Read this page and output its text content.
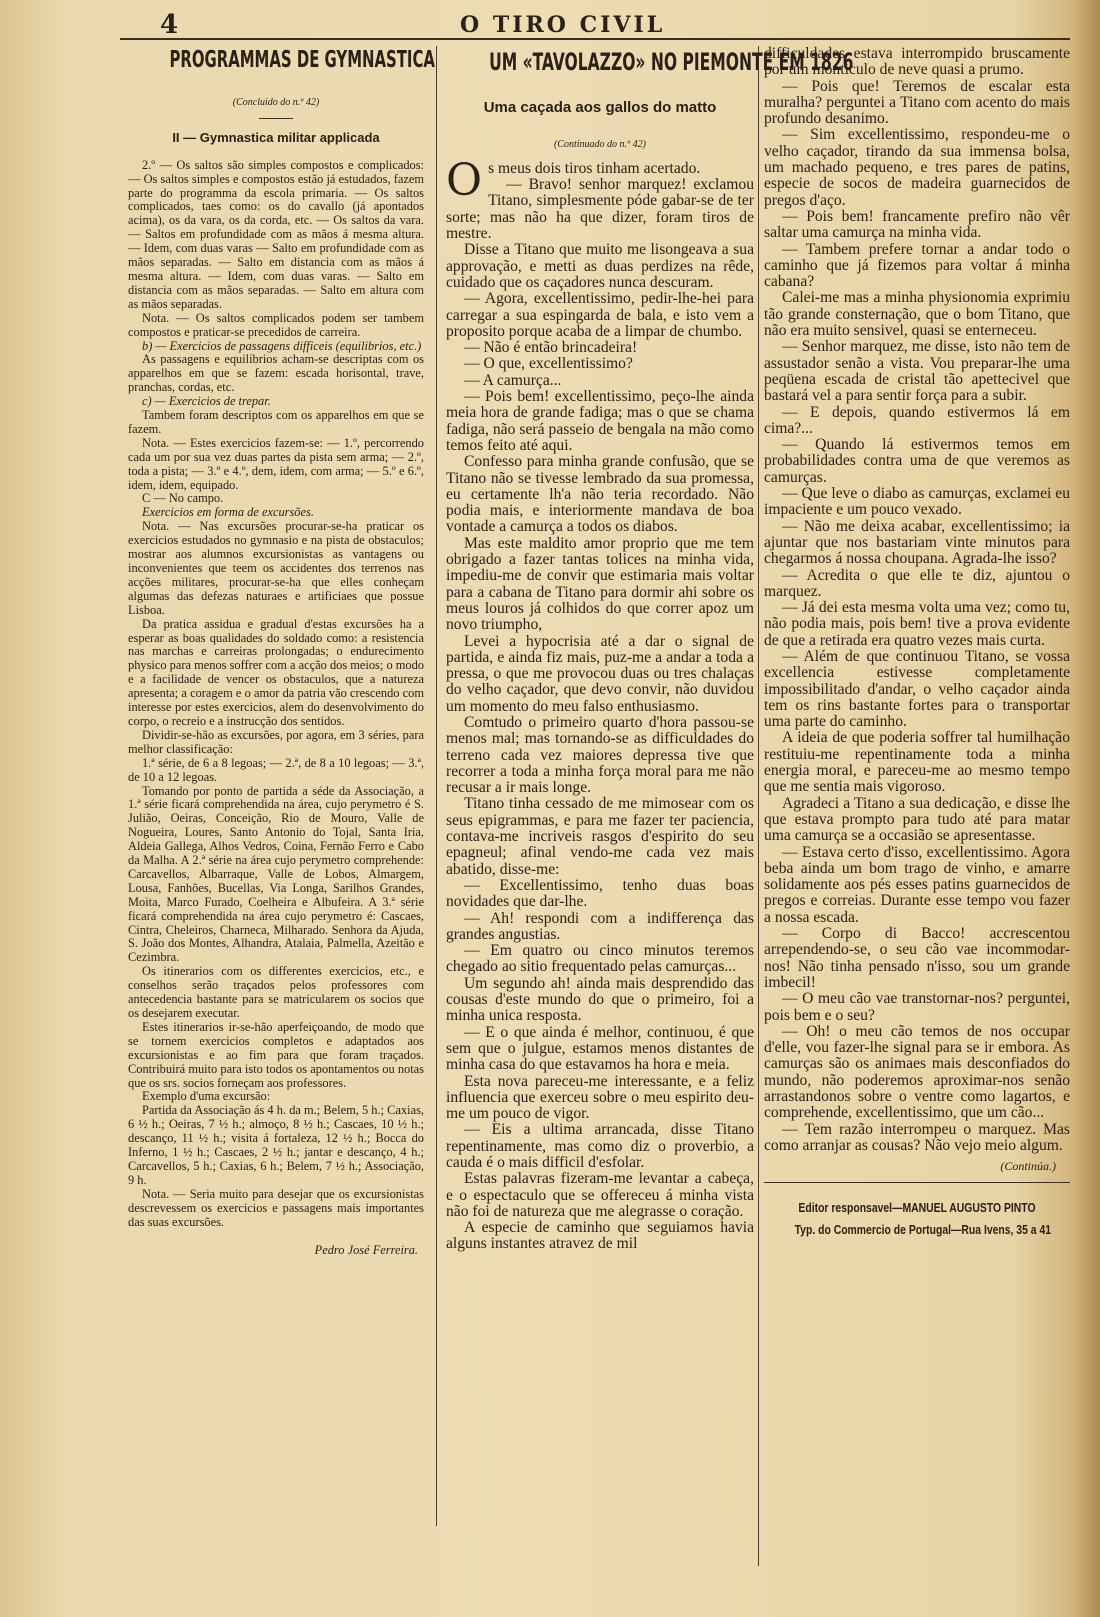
4	O TIRO CIVIL
PROGRAMMAS DE GYMNASTICA
(Concluido do n.º 42)
II — Gymnastica militar applicada

2.º — Os saltos são simples compostos e complicados: — Os saltos simples e compostos estão já estudados, fazem parte do programma da escola primaria. — Os saltos complicados, taes como: os do cavallo (já apontados acima), os da vara, os da corda, etc. — Os saltos da vara. — Saltos em profundidade com as mãos á mesma altura. — Idem, com duas varas — Salto em profundidade com as mãos separadas. — Salto em distancia com as mãos á mesma altura. — Idem, com duas varas. — Salto em distancia com as mãos separadas. — Salto em altura com as mãos separadas.

Nota. — Os saltos complicados podem ser tambem compostos e praticar-se precedidos de carreira.

b) — Exercicios de passagens difficeis (equilibrios, etc.)

As passagens e equilibrios acham-se descriptas com os apparelhos em que se fazem: escada horisontal, trave, pranchas, cordas, etc.

c) — Exercicios de trepar.

Tambem foram descriptos com os apparelhos em que se fazem.

Nota. — Estes exercicios fazem-se: — 1.º, percorrendo cada um por sua vez duas partes da pista sem arma; — 2.º, toda a pista; — 3.º e 4.º, dem, idem, com arma; — 5.º e 6.º, idem, idem, equipado.

C — No campo.

Exercicios em forma de excursões.

Nota. — Nas excursões procurar-se-ha praticar os exercicios estudados no gymnasio e na pista de obstaculos; mostrar aos alumnos excursionistas as vantagens ou inconvenientes que teem os accidentes dos terrenos nas acções militares, procurar-se-ha que elles conheçam algumas das defezas naturaes e artificiaes que possue Lisboa.

Da pratica assidua e gradual d'estas excursões ha a esperar as boas qualidades do soldado como: a resistencia nas marchas e carreiras prolongadas; o endurecimento physico para menos soffrer com a acção dos meios; o modo e a facilidade de vencer os obstaculos, que a natureza apresenta; a coragem e o amor da patria vão crescendo com interesse por estes exercicios, alem do desenvolvimento do corpo, o recreio e a instrucção dos sentidos.

Dividir-se-hão as excursões, por agora, em 3 séries, para melhor classificação:

1.ª série, de 6 a 8 legoas; — 2.ª, de 8 a 10 legoas; — 3.ª, de 10 a 12 legoas.

Tomando por ponto de partida a séde da Associação, a 1.ª série ficará comprehendida na área, cujo perymetro é S. Julião, Oeiras, Conceição, Rio de Mouro, Valle de Nogueira, Loures, Santo Antonio do Tojal, Santa Iria, Aldeia Gallega, Alhos Vedros, Coina, Fernão Ferro e Cabo da Malha. A 2.ª série na área cujo perymetro comprehende: Carcavellos, Albarraque, Valle de Lobos, Almargem, Lousa, Fanhões, Bucellas, Via Longa, Sarilhos Grandes, Moita, Marco Furado, Coelheira e Albufeira. A 3.ª série ficará comprehendida na área cujo perymetro é: Cascaes, Cintra, Cheleiros, Charneca, Milharado. Senhora da Ajuda, S. João dos Montes, Alhandra, Atalaia, Palmella, Azeitão e Cezimbra.

Os itinerarios com os differentes exercicios, etc., e conselhos serão traçados pelos professores com antecedencia bastante para se matricularem os socios que os desejarem executar.

Estes itinerarios ir-se-hão aperfeiçoando, de modo que se tornem exercicios completos e adaptados aos excursionistas e ao fim para que foram traçados. Contribuirá muito para isto todos os apontamentos ou notas que os srs. socios forneçam aos professores.

Exemplo d'uma excursão:

Partida da Associação ás 4 h. da m.; Belem, 5 h.; Caxias, 6 ½ h.; Oeiras, 7 ½ h.; almoço, 8 ½ h.; Cascaes, 10 ½ h.; descanço, 11 ½ h.; visita á fortaleza, 12 ½ h.; Bocca do Inferno, 1 ½ h.; Cascaes, 2 ½ h.; jantar e descanço, 4 h.; Carcavellos, 5 h.; Caxias, 6 h.; Belem, 7 ½ h.; Associação, 9 h.

Nota. — Seria muito para desejar que os excursionistas descrevessem os exercicios e passagens mais importantes das suas excursões.

Pedro José Ferreira.
UM «TAVOLAZZO» NO PIEMONTE EM 1826
Uma caçada aos gallos do matto
(Continuado do n.º 42)

Os meus dois tiros tinham acertado.

— Bravo! senhor marquez! exclamou Titano, simplesmente póde gabar-se de ter sorte; mas não ha que dizer, foram tiros de mestre.

Disse a Titano que muito me lisongeava a sua approvação, e metti as duas perdizes na rêde, cuidado que os caçadores nunca descuram.

— Agora, excellentissimo, pedir-lhe-hei para carregar a sua espingarda de bala, e isto vem a proposito porque acaba de a limpar de chumbo.

— Não é então brincadeira!

— O que, excellentissimo?

— A camurça...

— Pois bem! excellentissimo, peço-lhe ainda meia hora de grande fadiga; mas o que se chama fadiga, não será passeio de bengala na mão como temos feito até aqui.

Confesso para minha grande confusão, que se Titano não se tivesse lembrado da sua promessa, eu certamente lh'a não teria recordado. Não podia mais, e interiormente mandava de boa vontade a camurça a todos os diabos.

Mas este maldito amor proprio que me tem obrigado a fazer tantas tolices na minha vida, impediu-me de convir que estimaria mais voltar para a cabana de Titano para dormir ahi sobre os meus louros já colhidos do que correr apoz um novo triumpho,

Levei a hypocrisia até a dar o signal de partida, e ainda fiz mais, puz-me a andar a toda a pressa, o que me provocou duas ou tres chalaças do velho caçador, que devo convir, não duvidou um momento do meu falso enthusiasmo.

Comtudo o primeiro quarto d'hora passou-se menos mal; mas tornando-se as difficuldades do terreno cada vez maiores depressa tive que recorrer a toda a minha força moral para me não recusar a ir mais longe.

Titano tinha cessado de me mimosear com os seus epigrammas, e para me fazer ter paciencia, contava-me incriveis rasgos d'espirito do seu epagneul; afinal vendo-me cada vez mais abatido, disse-me:

— Excellentissimo, tenho duas boas novidades que dar-lhe.

— Ah! respondi com a indifferença das grandes angustias.

— Em quatro ou cinco minutos teremos chegado ao sitio frequentado pelas camurças...

Um segundo ah! ainda mais desprendido das cousas d'este mundo do que o primeiro, foi a minha unica resposta.

— E o que ainda é melhor, continuou, é que sem que o julgue, estamos menos distantes de minha casa do que estavamos ha hora e meia.

Esta nova pareceu-me interessante, e a feliz influencia que exerceu sobre o meu espirito deu-me um pouco de vigor.

— Eis a ultima arrancada, disse Titano repentinamente, mas como diz o proverbio, a cauda é o mais difficil d'esfolar.

Estas palavras fizeram-me levantar a cabeça, e o espectaculo que se offereceu á minha vista não foi de natureza que me alegrasse o coração.

A especie de caminho que seguiamos havia alguns instantes atravez de mil

difficuldades estava interrompido bruscamente por um monticulo de neve quasi a prumo.

— Pois que! Teremos de escalar esta muralha? perguntei a Titano com acento do mais profundo desanimo.

— Sim excellentissimo, respondeu-me o velho caçador, tirando da sua immensa bolsa, um machado pequeno, e tres pares de patins, especie de socos de madeira guarnecidos de pregos d'aço.

— Pois bem! francamente prefiro não vêr saltar uma camurça na minha vida.

— Tambem prefere tornar a andar todo o caminho que já fizemos para voltar á minha cabana?

Calei-me mas a minha physionomia exprimiu tão grande consternação, que o bom Titano, que não era muito sensivel, quasi se enterneceu.

— Senhor marquez, me disse, isto não tem de assustador senão a vista. Vou preparar-lhe uma peqüena escada de cristal tão apettecivel que bastará vel a para sentir força para a subir.

— E depois, quando estivermos lá em cima?...

— Quando lá estivermos temos em probabilidades contra uma de que veremos as camurças.

— Que leve o diabo as camurças, exclamei eu impaciente e um pouco vexado.

— Não me deixa acabar, excellentissimo; ia ajuntar que nos bastariam vinte minutos para chegarmos á nossa choupana. Agrada-lhe isso?

— Acredita o que elle te diz, ajuntou o marquez.

— Já dei esta mesma volta uma vez; como tu, não podia mais, pois bem! tive a prova evidente de que a retirada era quatro vezes mais curta.

— Além de que continuou Titano, se vossa excellencia estivesse completamente impossibilitado d'andar, o velho caçador ainda tem os rins bastante fortes para o transportar uma parte do caminho.

A ideia de que poderia soffrer tal humilhação restituiu-me repentinamente toda a minha energia moral, e pareceu-me ao mesmo tempo que me sentia mais vigoroso.

Agradeci a Titano a sua dedicação, e disse lhe que estava prompto para tudo até para matar uma camurça se a occasião se apresentasse.

— Estava certo d'isso, excellentissimo. Agora beba ainda um bom trago de vinho, e amarre solidamente aos pés esses patins guarnecidos de pregos e correias. Durante esse tempo vou fazer a nossa escada.

— Corpo di Bacco! accrescentou arrependendo-se, o seu cão vae incommodar-nos! Não tinha pensado n'isso, sou um grande imbecil!

— O meu cão vae transtornar-nos? perguntei, pois bem e o seu?

— Oh! o meu cão temos de nos occupar d'elle, vou fazer-lhe signal para se ir embora. As camurças são os animaes mais desconfiados do mundo, não poderemos aproximar-nos senão arrastandonos sobre o ventre como lagartos, e comprehende, excellentissimo, que um cão...

— Tem razão interrompeu o marquez. Mas como arranjar as cousas? Não vejo meio algum.

(Continúa.)
Editor responsavel—MANUEL AUGUSTO PINTO
Typ. do Commercio de Portugal—Rua Ivens, 35 a 41
